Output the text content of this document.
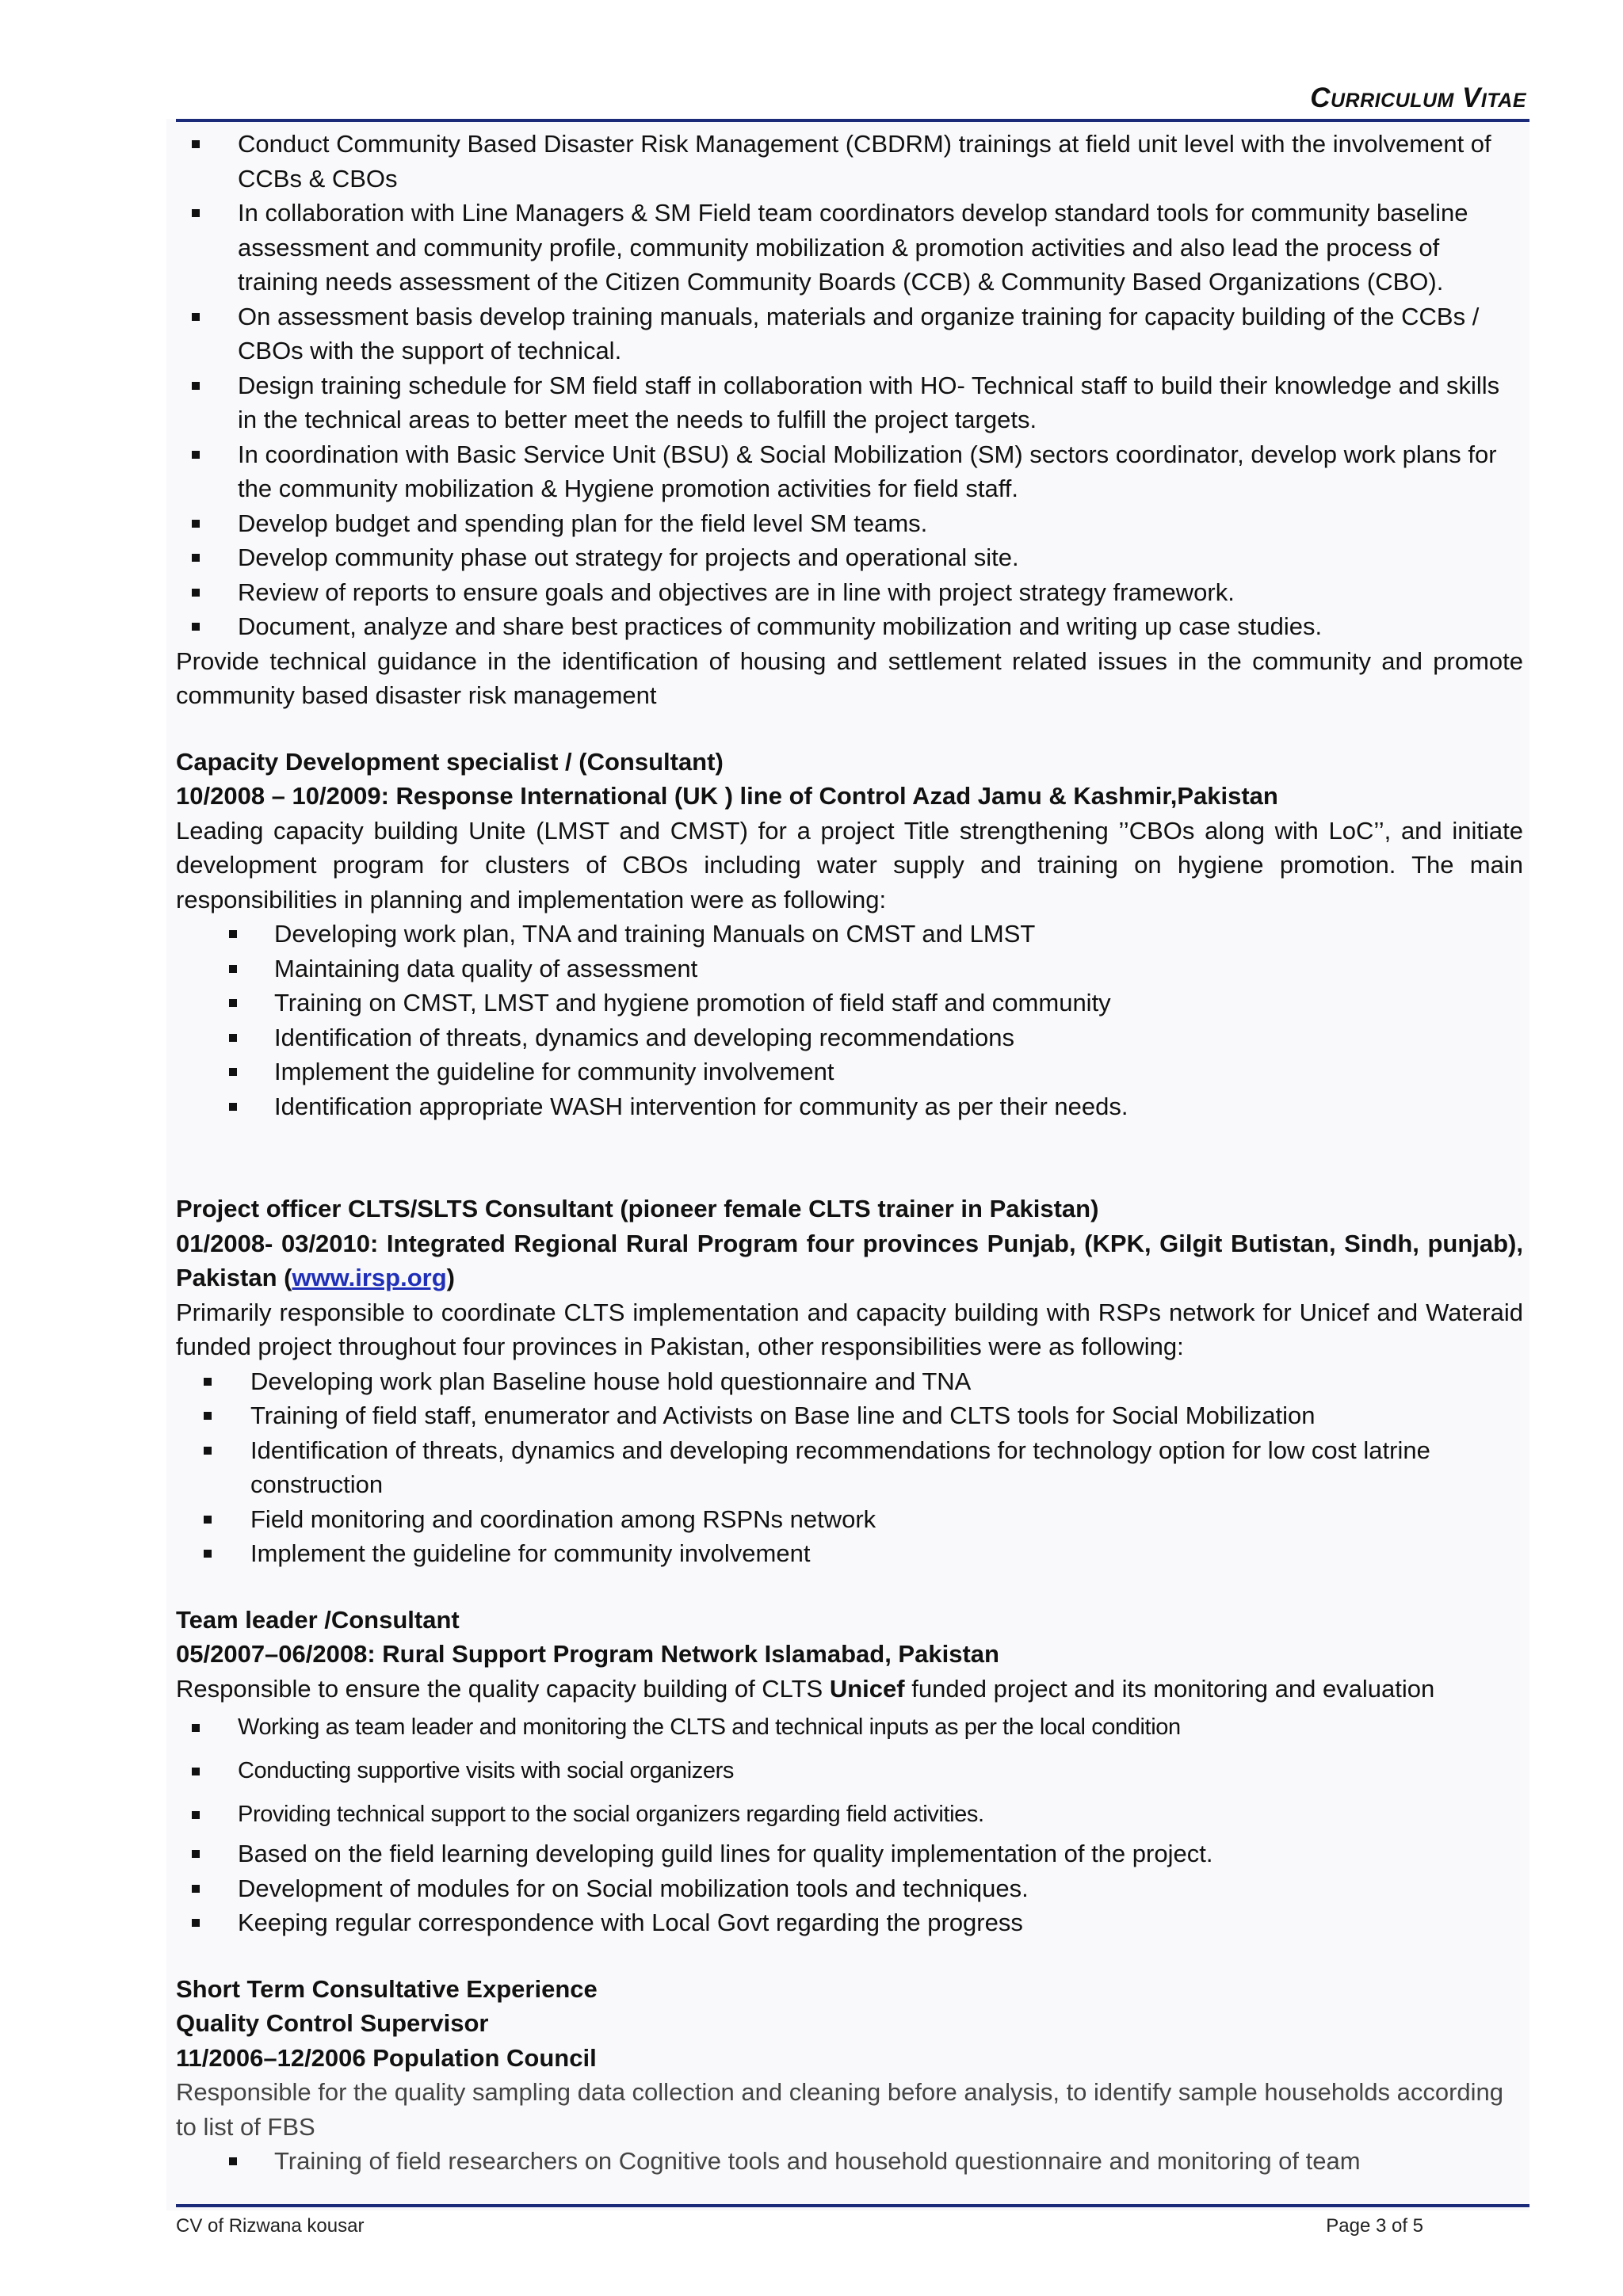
Curriculum Vitae
Conduct Community Based Disaster Risk Management (CBDRM) trainings at field unit level with the involvement of CCBs & CBOs
In collaboration with Line Managers & SM Field team coordinators develop standard tools for community baseline assessment and community profile, community mobilization & promotion activities and also lead the process of training needs assessment of the Citizen Community Boards (CCB) & Community Based Organizations (CBO).
On assessment basis develop training manuals, materials and organize training for capacity building of the CCBs / CBOs with the support of technical.
Design training schedule for SM field staff in collaboration with HO- Technical staff to build their knowledge and skills in the technical areas to better meet the needs to fulfill the project targets.
In coordination with Basic Service Unit (BSU) & Social Mobilization (SM) sectors coordinator, develop work plans for the community mobilization & Hygiene promotion activities for field staff.
Develop budget and spending plan for the field level SM teams.
Develop community phase out strategy for projects and operational site.
Review of reports to ensure goals and objectives are in line with project strategy framework.
Document, analyze and share best practices of community mobilization and writing up case studies.

Provide technical guidance in the identification of housing and settlement related issues in the community and promote community based disaster risk management

Capacity Development specialist / (Consultant)

10/2008 – 10/2009: Response International (UK ) line of Control Azad Jamu & Kashmir,Pakistan

Leading capacity building Unite (LMST and CMST) for a project Title strengthening ’’CBOs along with LoC’’, and initiate development program for clusters of CBOs including water supply and training on hygiene promotion. The main responsibilities in planning and implementation were as following:

Developing work plan, TNA and training Manuals on CMST and LMST
Maintaining data quality of assessment
Training on CMST, LMST and hygiene promotion of field staff and community
Identification of threats, dynamics and developing recommendations
Implement the guideline for community involvement
Identification appropriate WASH intervention for community as per their needs.

Project officer CLTS/SLTS Consultant (pioneer female CLTS trainer in Pakistan)

01/2008- 03/2010: Integrated Regional Rural Program four provinces Punjab, (KPK, Gilgit Butistan, Sindh, punjab), Pakistan (www.irsp.org)

Primarily responsible to coordinate CLTS implementation and capacity building with RSPs network for Unicef and Wateraid funded project throughout four provinces in Pakistan, other responsibilities were as following:

Developing work plan Baseline house hold questionnaire and TNA
Training of field staff, enumerator and Activists on Base line and CLTS tools for Social Mobilization
Identification of threats, dynamics and developing recommendations for technology option for low cost latrine construction
Field monitoring and coordination among RSPNs network
Implement the guideline for community involvement

Team leader /Consultant

05/2007–06/2008: Rural Support Program Network Islamabad, Pakistan

Responsible to ensure the quality capacity building of CLTS Unicef funded project and its monitoring and evaluation

Working as team leader and monitoring the CLTS and technical inputs as per the local condition
Conducting supportive visits with social organizers
Providing technical support to the social organizers regarding field activities.
Based on the field learning developing guild lines for quality implementation of the project.
Development of modules for on Social mobilization tools and techniques.
Keeping regular correspondence with Local Govt regarding the progress

Short Term Consultative Experience

Quality Control Supervisor

11/2006–12/2006 Population Council

Responsible for the quality sampling data collection and cleaning before analysis, to identify sample households according to list of FBS

Training of field researchers on Cognitive tools and household questionnaire and monitoring of team
CV of Rizwana kousar	Page 3 of 5
